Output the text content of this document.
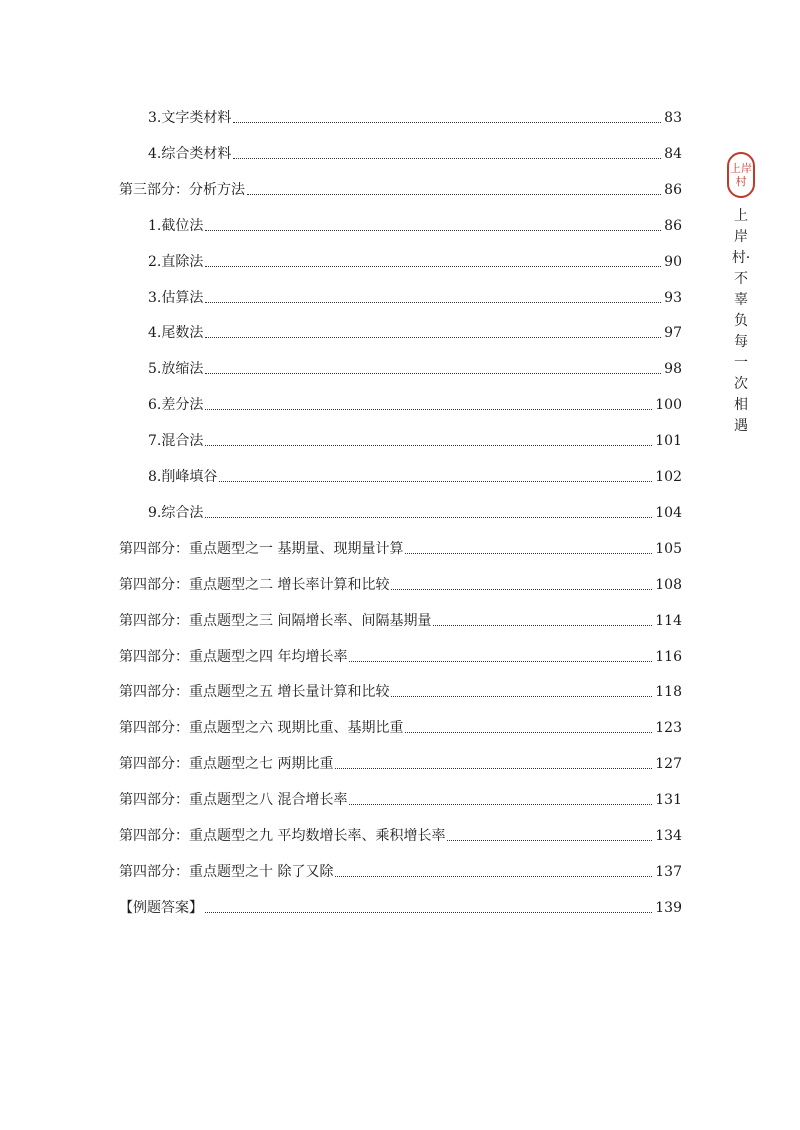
3.文字类材料	83
4.综合类材料	84
第三部分：分析方法	86
1.截位法	86
2.直除法	90
3.估算法	93
4.尾数法	97
5.放缩法	98
6.差分法	100
7.混合法	101
8.削峰填谷	102
9.综合法	104
第四部分：重点题型之一 基期量、现期量计算	105
第四部分：重点题型之二 增长率计算和比较	108
第四部分：重点题型之三 间隔增长率、间隔基期量	114
第四部分：重点题型之四 年均增长率	116
第四部分：重点题型之五 增长量计算和比较	118
第四部分：重点题型之六 现期比重、基期比重	123
第四部分：重点题型之七 两期比重	127
第四部分：重点题型之八 混合增长率	131
第四部分：重点题型之九 平均数增长率、乘积增长率	134
第四部分：重点题型之十 除了又除	137
【例题答案】	139
上岸
村
上岸村·不辜负每一次相遇
